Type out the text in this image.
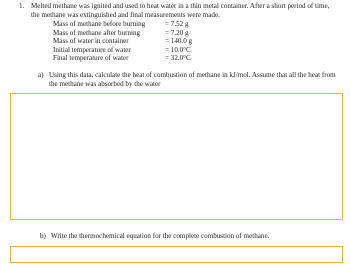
1. Melted methane was ignited and used to heat water in a thin metal container. After a short period of time, the methane was extinguished and final measurements were made.
Mass of methane before burning	= 7.52 g
Mass of methane after burning	= 7.20 g
Mass of water in container	= 140.0 g
Initial temperature of water	= 10.0°C
Final temperature of water	= 32.0°C
a) Using this data, calculate the heat of combustion of methane in kJ/mol. Assume that all the heat from the methane was absorbed by the water
b) Write the thermochemical equation for the complete combustion of methane.
